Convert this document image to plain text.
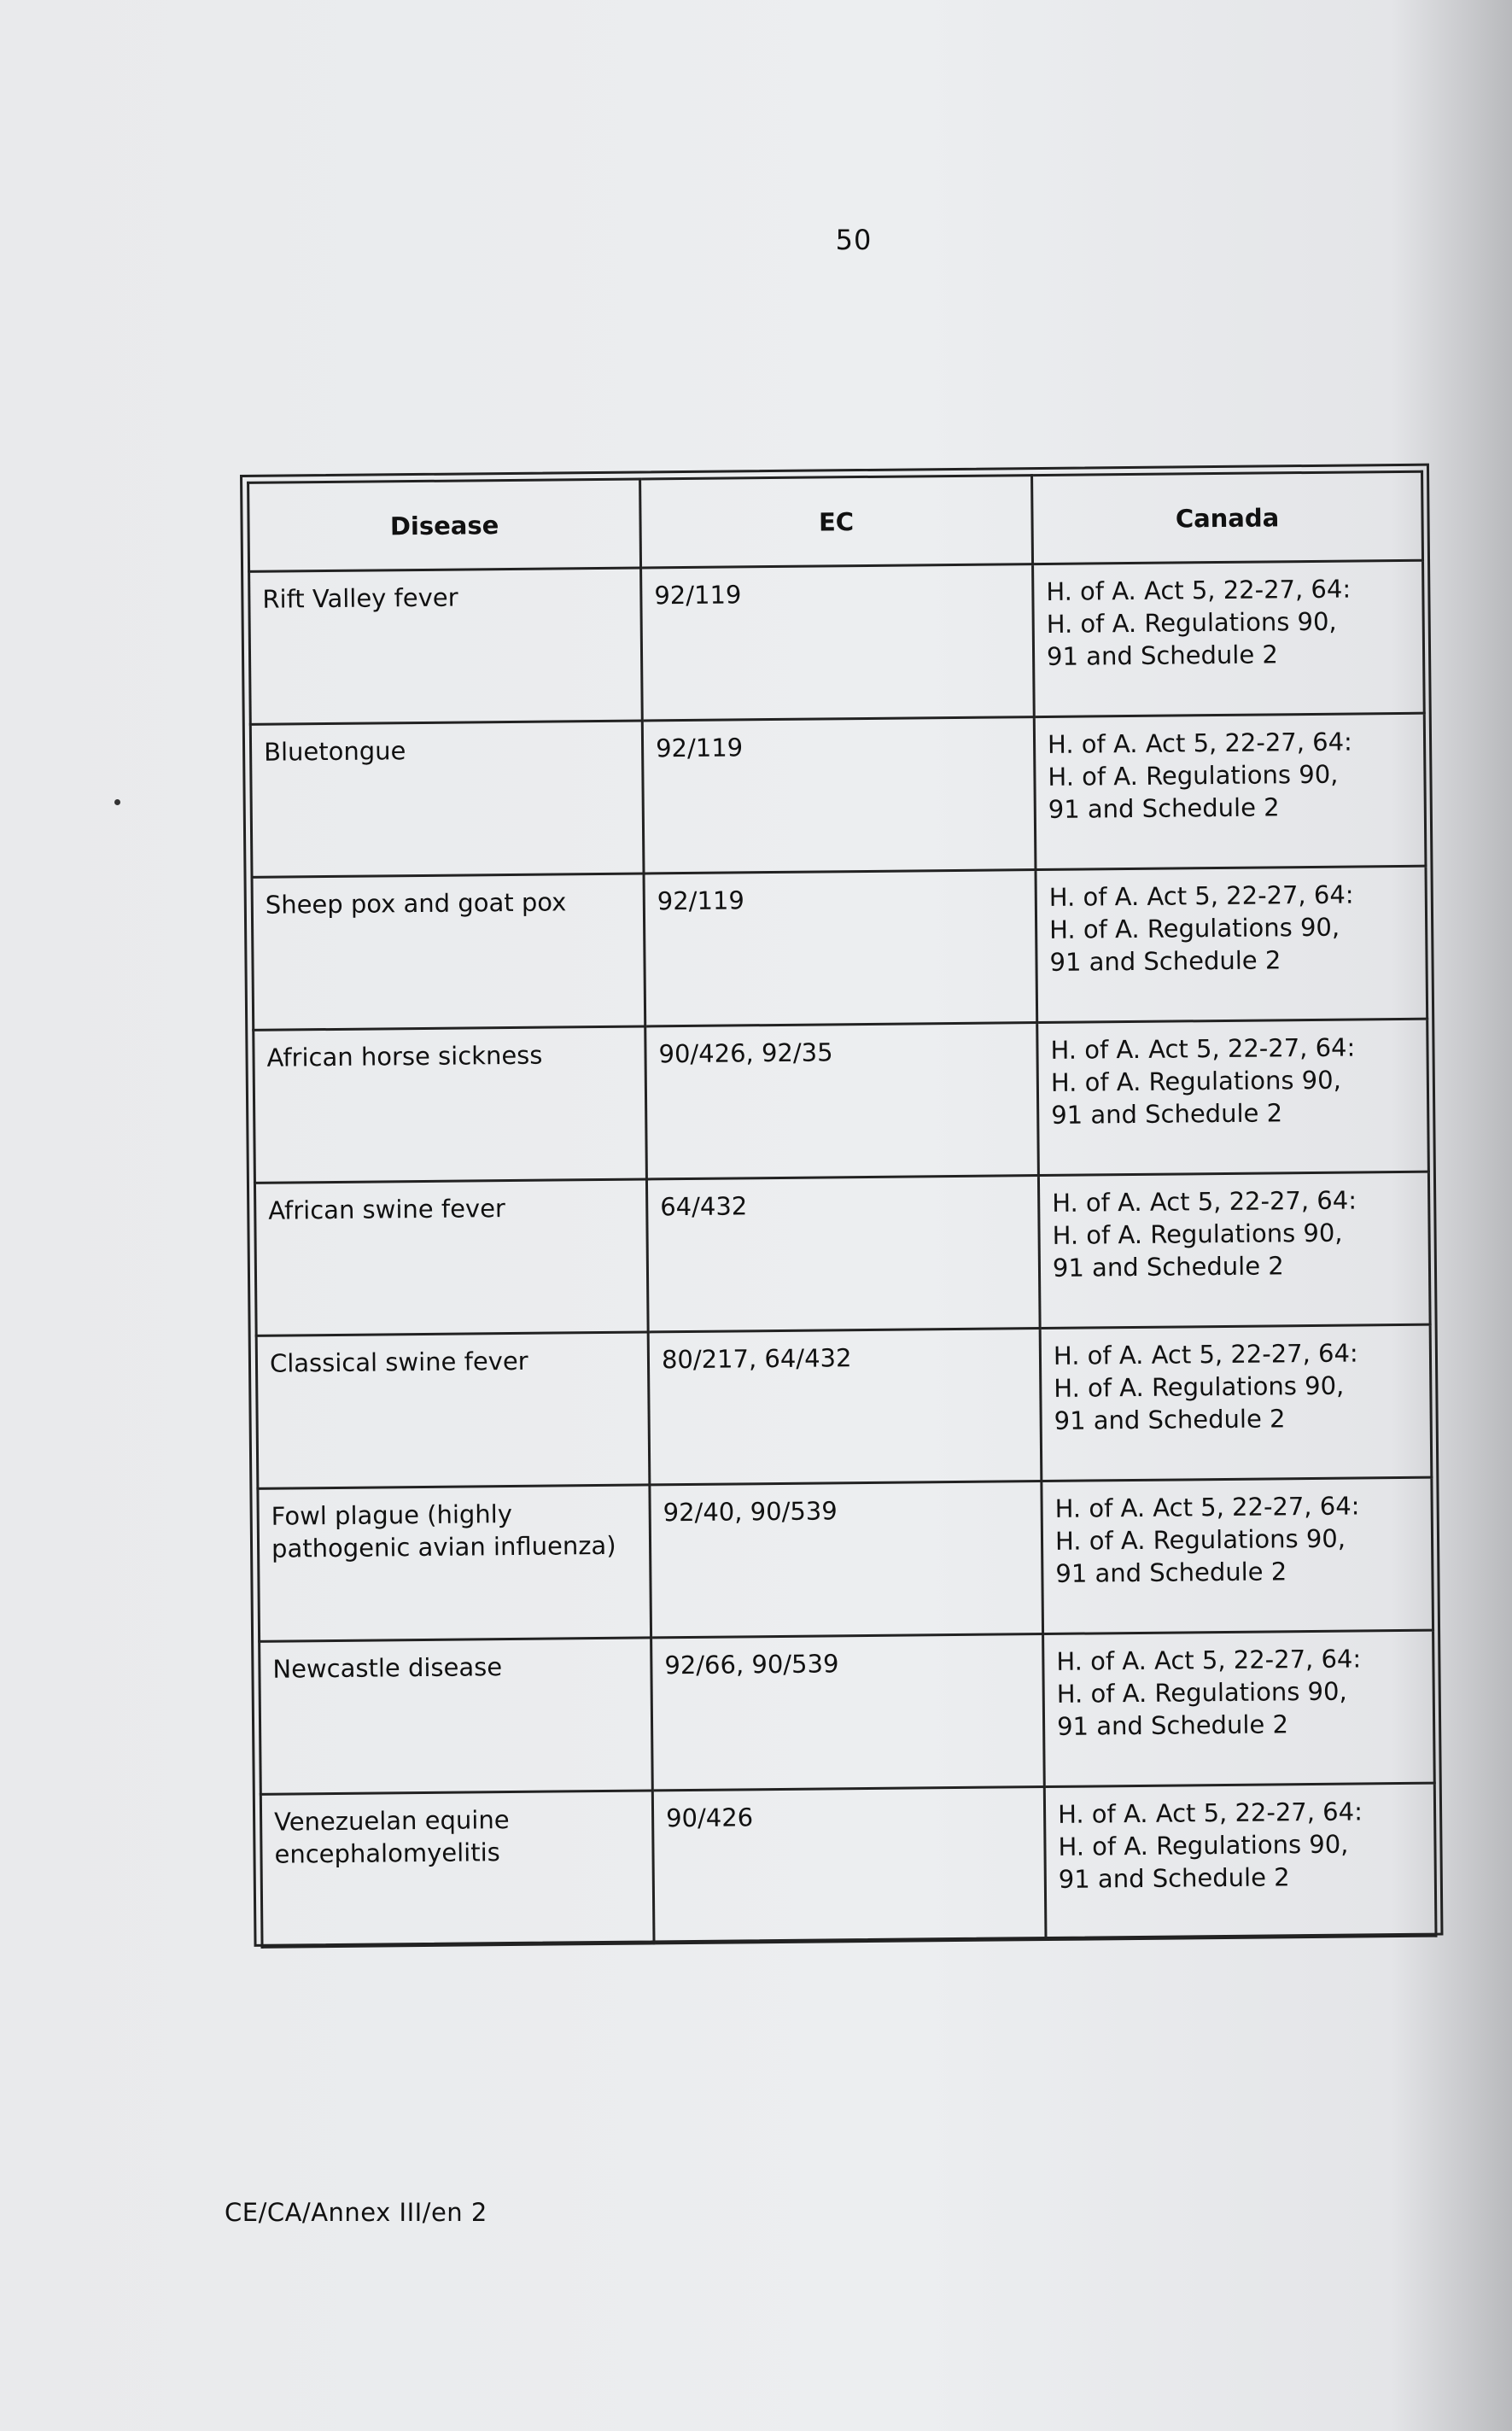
50
Disease	EC	Canada
Rift Valley fever	92/119	H. of A. Act 5, 22-27, 64:
H. of A. Regulations 90,
91 and Schedule 2
Bluetongue	92/119	H. of A. Act 5, 22-27, 64:
H. of A. Regulations 90,
91 and Schedule 2
Sheep pox and goat pox	92/119	H. of A. Act 5, 22-27, 64:
H. of A. Regulations 90,
91 and Schedule 2
African horse sickness	90/426, 92/35	H. of A. Act 5, 22-27, 64:
H. of A. Regulations 90,
91 and Schedule 2
African swine fever	64/432	H. of A. Act 5, 22-27, 64:
H. of A. Regulations 90,
91 and Schedule 2
Classical swine fever	80/217, 64/432	H. of A. Act 5, 22-27, 64:
H. of A. Regulations 90,
91 and Schedule 2
Fowl plague (highly pathogenic avian influenza)	92/40, 90/539	H. of A. Act 5, 22-27, 64:
H. of A. Regulations 90,
91 and Schedule 2
Newcastle disease	92/66, 90/539	H. of A. Act 5, 22-27, 64:
H. of A. Regulations 90,
91 and Schedule 2
Venezuelan equine encephalomyelitis	90/426	H. of A. Act 5, 22-27, 64:
H. of A. Regulations 90,
91 and Schedule 2
CE/CA/Annex III/en 2
